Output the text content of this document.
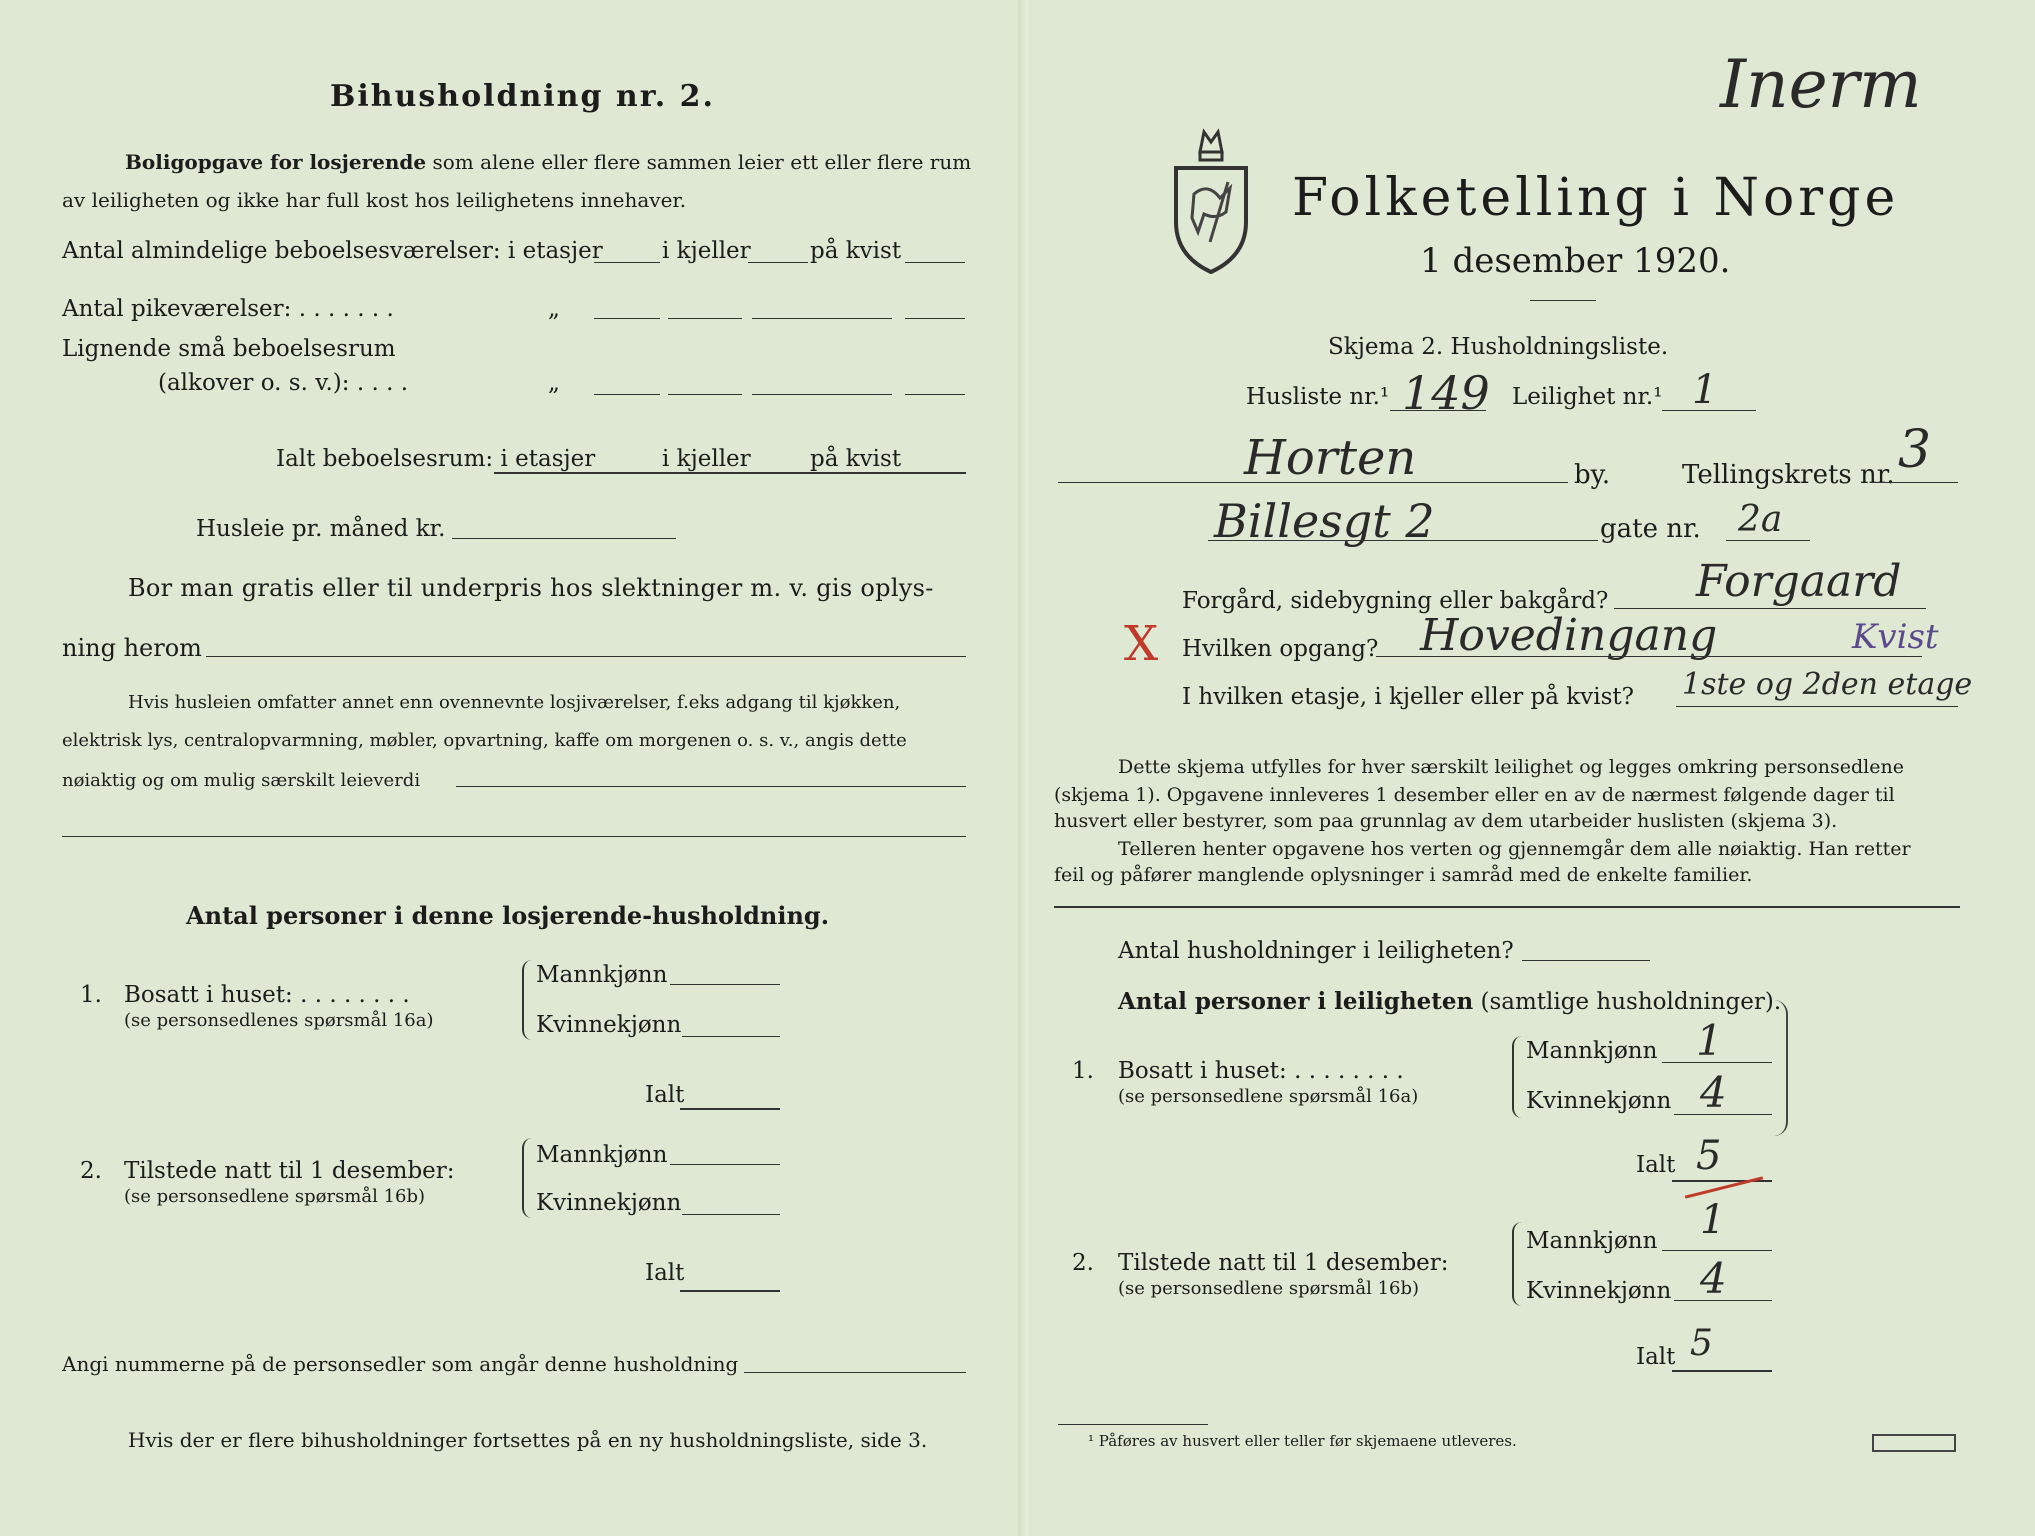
Bihusholdning nr. 2.
Boligopgave for losjerende som alene eller flere sammen leier ett eller flere rum
av leiligheten og ikke har full kost hos leilighetens innehaver.
Antal almindelige beboelsesværelser: i etasjer	i kjeller	på kvist
Antal pikeværelser: . . . . . . .	„
Lignende små beboelsesrum
(alkover o. s. v.): . . . .	„
Ialt beboelsesrum: i etasjer	i kjeller	på kvist
Husleie pr. måned kr.
Bor man gratis eller til underpris hos slektninger m. v. gis oplys-
ning herom
Hvis husleien omfatter annet enn ovennevnte losjiværelser, f.eks adgang til kjøkken,
elektrisk lys, centralopvarmning, møbler, opvartning, kaffe om morgenen o. s. v., angis dette
nøiaktig og om mulig særskilt leieverdi
Antal personer i denne losjerende-husholdning.
1. Bosatt i huset: . . . . . . . .
(se personsedlenes spørsmål 16a)
Mannkjønn
Kvinnekjønn
Ialt
2. Tilstede natt til 1 desember:
(se personsedlene spørsmål 16b)
Mannkjønn
Kvinnekjønn
Ialt
Angi nummerne på de personsedler som angår denne husholdning
Hvis der er flere bihusholdninger fortsettes på en ny husholdningsliste, side 3.
Folketelling i Norge
1 desember 1920.
Skjema 2. Husholdningsliste.
Husliste nr.¹ 149 Leilighet nr.¹ 1
Horten	by.	Tellingskrets nr. 3
Billesgt 2	gate nr. 2a
Forgård, sidebygning eller bakgård? Forgaard
X Hvilken opgang? Hovedingang	Kvist
I hvilken etasje, i kjeller eller på kvist? 1ste og 2den etage
Dette skjema utfylles for hver særskilt leilighet og legges omkring personsedlene
(skjema 1). Opgavene innleveres 1 desember eller en av de nærmest følgende dager til
husvert eller bestyrer, som paa grunnlag av dem utarbeider huslisten (skjema 3).
Telleren henter opgavene hos verten og gjennemgår dem alle nøiaktig. Han retter
feil og påfører manglende oplysninger i samråd med de enkelte familier.
Antal husholdninger i leiligheten?
Antal personer i leiligheten (samtlige husholdninger).
1. Bosatt i huset: . . . . . . . .
(se personsedlene spørsmål 16a)
Mannkjønn 1
Kvinnekjønn 4
Ialt 5
2. Tilstede natt til 1 desember:
(se personsedlene spørsmål 16b)
Mannkjønn 1
Kvinnekjønn 4
Ialt 5
¹ Påføres av husvert eller teller før skjemaene utleveres.
Inerm
